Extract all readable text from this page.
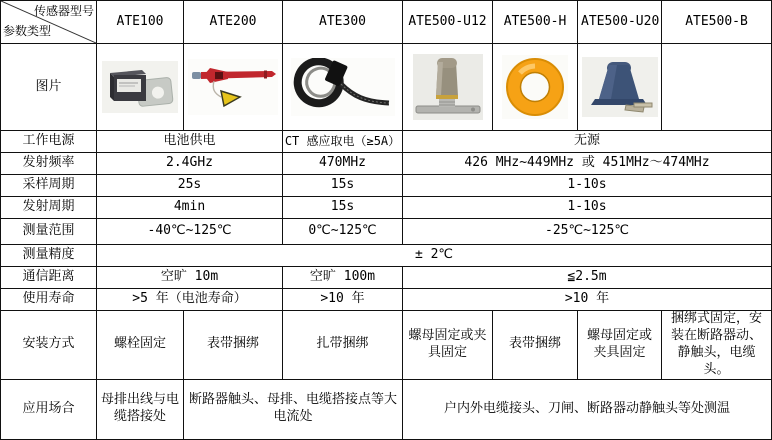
传感器型号
参数类型	ATE100	ATE200	ATE300	ATE500-U12	ATE500-H	ATE500-U20	ATE500-B
图片							
工作电源	电池供电		CT 感应取电（≥5A）	无源			
发射频率	2.4GHz		470MHz	426 MHz~449MHz 或 451MHz～474MHz			
采样周期	25s		15s	1-10s			
发射周期	4min		15s	1-10s			
测量范围	-40℃~125℃		0℃~125℃	-25℃~125℃			
测量精度	± 2℃						
通信距离	空旷 10m		空旷 100m	≦2.5m			
使用寿命	>5 年（电池寿命）		>10 年	>10 年			
安装方式	螺栓固定	表带捆绑	扎带捆绑	螺母固定或夹具固定	表带捆绑	螺母固定或夹具固定	捆绑式固定，安装在断路器动、静触头，电缆头。
应用场合	母排出线与电缆搭接处	断路器触头、母排、电缆搭接点等大电流处		户内外电缆接头、刀闸、断路器动静触头等处测温			
